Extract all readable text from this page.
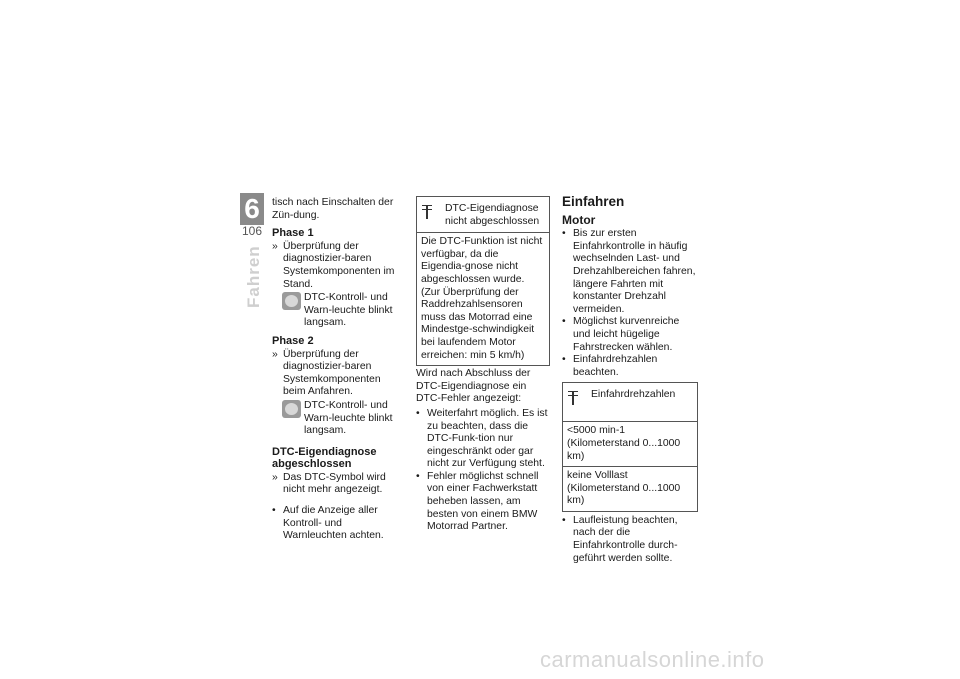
6
106
Fahren

tisch nach Einschalten der Zün-dung.

Phase 1
» Überprüfung der diagnostizier-baren Systemkomponenten im Stand.
DTC-Kontroll- und Warn-leuchte blinkt langsam.
Phase 2
» Überprüfung der diagnostizier-baren Systemkomponenten beim Anfahren.
DTC-Kontroll- und Warn-leuchte blinkt langsam.
DTC-Eigendiagnose abgeschlossen
» Das DTC-Symbol wird nicht mehr angezeigt.
• Auf die Anzeige aller Kontroll- und Warnleuchten achten.
DTC-Eigendiagnose nicht abgeschlossen
Die DTC-Funktion ist nicht verfügbar, da die Eigendia-gnose nicht abgeschlossen wurde. (Zur Überprüfung der Raddrehzahlsensoren muss das Motorrad eine Mindestge-schwindigkeit bei laufendem Motor erreichen: min 5 km/h)

Wird nach Abschluss der DTC-Eigendiagnose ein DTC-Fehler angezeigt:

• Weiterfahrt möglich. Es ist zu beachten, dass die DTC-Funk-tion nur eingeschränkt oder gar nicht zur Verfügung steht.
• Fehler möglichst schnell von einer Fachwerkstatt beheben lassen, am besten von einem BMW Motorrad Partner.
Einfahren
Motor
• Bis zur ersten Einfahrkontrolle in häufig wechselnden Last- und Drehzahlbereichen fahren, längere Fahrten mit konstanter Drehzahl vermeiden.
• Möglichst kurvenreiche und leicht hügelige Fahrstrecken wählen.
• Einfahrdrehzahlen beachten.
Einfahrdrehzahlen
<5000 min-1 (Kilometerstand 0...1000 km)
keine Volllast (Kilometerstand 0...1000 km)
• Laufleistung beachten, nach der die Einfahrkontrolle durch-geführt werden sollte.
carmanualsonline.info
